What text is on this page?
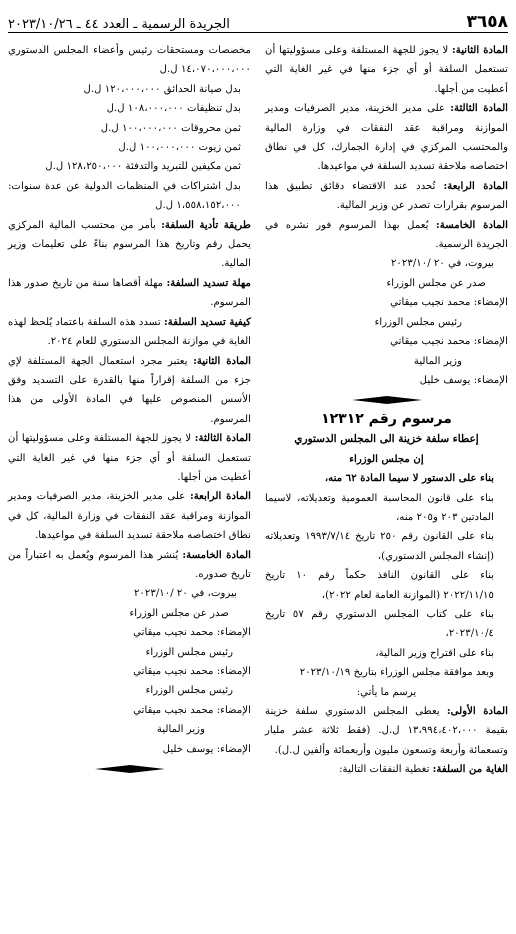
٣٦٥٨
الجريدة الرسمية ـ العدد ٤٤ ـ ٢٠٢٣/١٠/٢٦

المادة الثانية: لا يجوز للجهة المستلفة وعلى مسؤوليتها أن تستعمل السلفة أو أي جزء منها في غير الغاية التي أعطيت من أجلها.

المادة الثالثة: على مدير الخزينة، مدير الصرفيات ومدير الموازنة ومراقبة عقد النفقات في وزارة المالية والمحتسب المركزي في إدارة الجمارك، كل في نطاق اختصاصه ملاحقة تسديد السلفة في مواعيدها.

المادة الرابعة: تُحدد عند الاقتضاء دقائق تطبيق هذا المرسوم بقرارات تصدر عن وزير المالية.

المادة الخامسة: يُعمل بهذا المرسوم فور نشره في الجريدة الرسمية.

بيروت، في ٢٠ /٢٠٢٣/١٠

صدر عن مجلس الوزراء

الإمضاء: محمد نجيب ميقاتي

رئيس مجلس الوزراء

الإمضاء: محمد نجيب ميقاتي

وزير المالية

الإمضاء: يوسف خليل

مرسوم رقم ١٢٣١٢

إعطاء سلفة خزينة الى المجلس الدستوري

إن مجلس الوزراء

بناء على الدستور لا سيما المادة ٦٢ منه،

بناء على قانون المحاسبة العمومية وتعديلاته، لاسيما المادتين ٢٠٣ و٢٠٥ منه،

بناء على القانون رقم ٢٥٠ تاريخ ١٩٩٣/٧/١٤ وتعديلاته (إنشاء المجلس الدستوري)،

بناء على القانون النافذ حكماً رقم ١٠ تاريخ ٢٠٢٢/١١/١٥ (الموازنة العامة لعام ٢٠٢٢)،

بناء على كتاب المجلس الدستوري رقم ٥٧ تاريخ ٢٠٢٣/١٠/٤،

بناء على اقتراح وزير المالية،

وبعد موافقة مجلس الوزراء بتاريخ ٢٠٢٣/١٠/١٩

يرسم ما يأتي:

المادة الأولى: يعطى المجلس الدستوري سلفة خزينة بقيمة ١٣،٩٩٤،٤٠٢،٠٠٠ ل.ل. (فقط ثلاثة عشر مليار وتسعمائة وأربعة وتسعون مليون وأربعمائة وألفين ل.ل).

الغاية من السلفة: تغطية النفقات التالية:

مخصصات ومستحقات رئيس وأعضاء المجلس الدستوري ١٤،٠٧٠،٠٠٠،٠٠٠ ل.ل

بدل صيانة الحدائق ١٢٠،٠٠٠،٠٠٠ ل.ل

بدل تنظيفات ١٠٨،٠٠٠،٠٠٠ ل.ل

ثمن محروقات ١٠٠،٠٠٠،٠٠٠ ل.ل

ثمن زيوت ١٠٠،٠٠٠،٠٠٠ ل.ل

ثمن مكيفين للتبريد والتدفئة ١٢٨،٢٥٠،٠٠٠ ل.ل

بدل اشتراكات في المنظمات الدولية عن عدة سنوات: ١،٥٥٨،١٥٢،٠٠٠ ل.ل

طريقة تأدية السلفة: بأمر من محتسب المالية المركزي يحمل رقم وتاريخ هذا المرسوم بناءً على تعليمات وزير المالية.

مهلة تسديد السلفة: مهلة أقصاها سنة من تاريخ صدور هذا المرسوم.

كيفية تسديد السلفة: تسدد هذه السلفة باعتماد يُلحظ لهذه الغاية في موازنة المجلس الدستوري للعام ٢٠٢٤.

المادة الثانية: يعتبر مجرد استعمال الجهة المستلفة لإي جزء من السلفة إقراراً منها بالقدرة على التسديد وفق الأسس المنصوص عليها في المادة الأولى من هذا المرسوم.

المادة الثالثة: لا يجوز للجهة المستلفة وعلى مسؤوليتها أن تستعمل السلفة أو أي جزء منها في غير الغاية التي أعطيت من أجلها.

المادة الرابعة: على مدير الخزينة، مدير الصرفيات ومدير الموازنة ومراقبة عقد النفقات في وزارة المالية، كل في نطاق اختصاصه ملاحقة تسديد السلفة في مواعيدها.

المادة الخامسة: يُنشر هذا المرسوم ويُعمل به اعتباراً من تاريخ صدوره.

بيروت، في ٢٠ /٢٠٢٣/١٠

صدر عن مجلس الوزراء

الإمضاء: محمد نجيب ميقاتي

رئيس مجلس الوزراء

الإمضاء: محمد نجيب ميقاتي

رئيس مجلس الوزراء

الإمضاء: محمد نجيب ميقاتي

وزير المالية

الإمضاء: يوسف خليل
